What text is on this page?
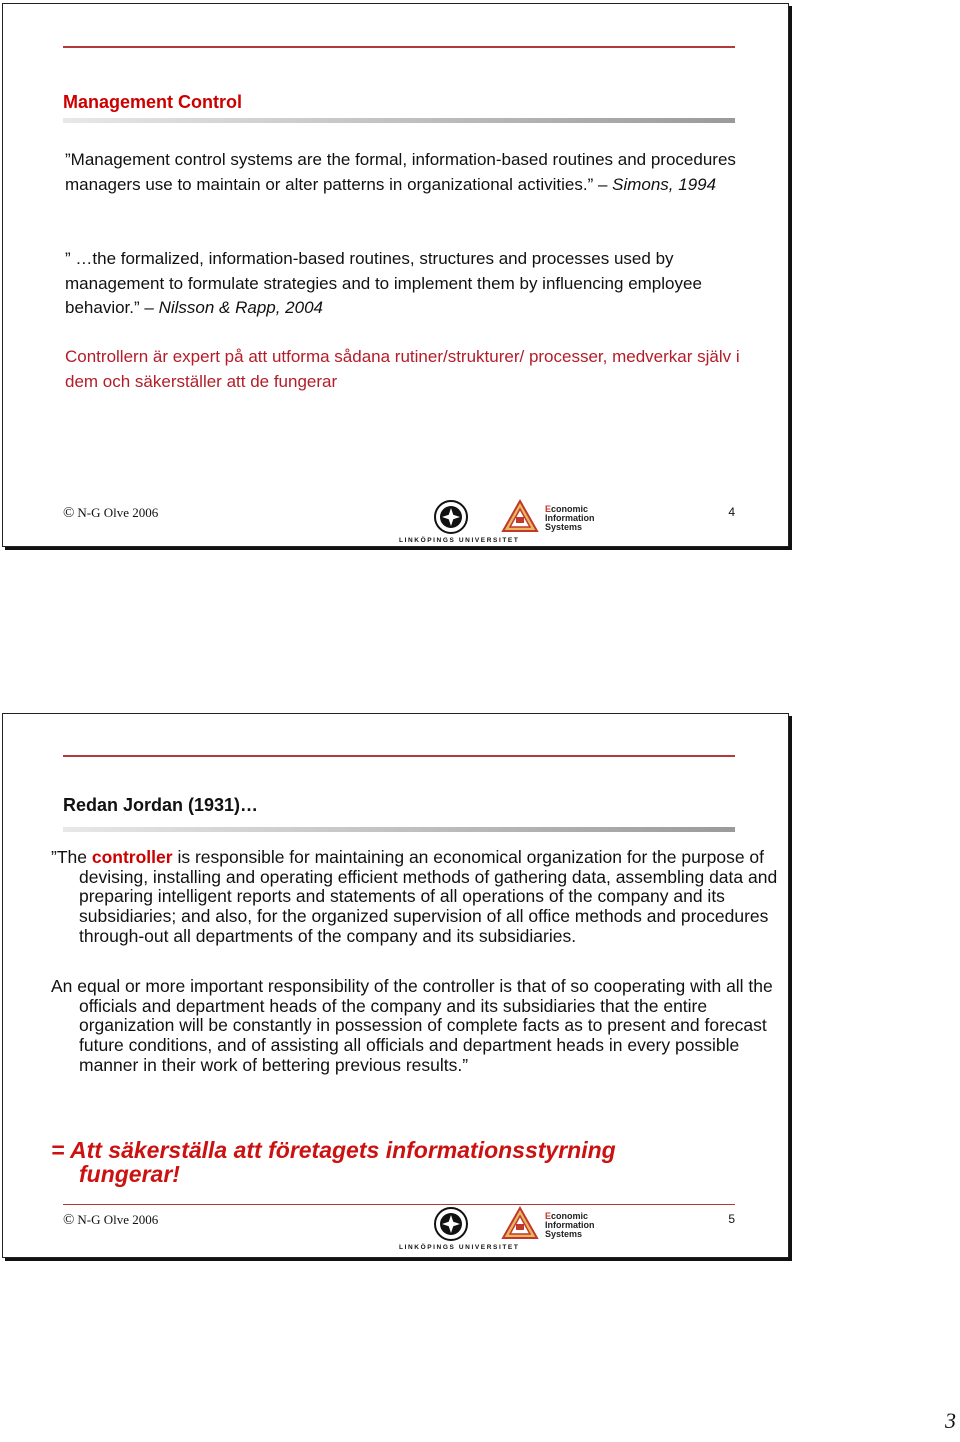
Management Control

”Management control systems are the formal, information-based routines and procedures managers use to maintain or alter patterns in organizational activities.” – Simons, 1994

” …the formalized, information-based routines, structures and processes used by management to formulate strategies and to implement them by influencing employee behavior.” – Nilsson & Rapp, 2004

Controllern är expert på att utforma sådana rutiner/strukturer/ processer, medverkar själv i dem och säkerställer att de fungerar

© N-G Olve 2006
LINKÖPINGS UNIVERSITET
Economic
Information
Systems
4
Redan Jordan (1931)…

”The controller is responsible for maintaining an economical organization for the purpose of devising, installing and operating efficient methods of gathering data, assembling data and preparing intelligent reports and statements of all operations of the company and its subsidiaries; and also, for the organized supervision of all office methods and procedures through-out all departments of the company and its subsidiaries.

An equal or more important responsibility of the controller is that of so cooperating with all the officials and department heads of the company and its subsidiaries that the entire organization will be constantly in possession of complete facts as to present and forecast future conditions, and of assisting all officials and department heads in every possible manner in their work of bettering previous results.”

= Att säkerställa att företagets informationsstyrning
fungerar!
© N-G Olve 2006
LINKÖPINGS UNIVERSITET
Economic
Information
Systems
5
3
